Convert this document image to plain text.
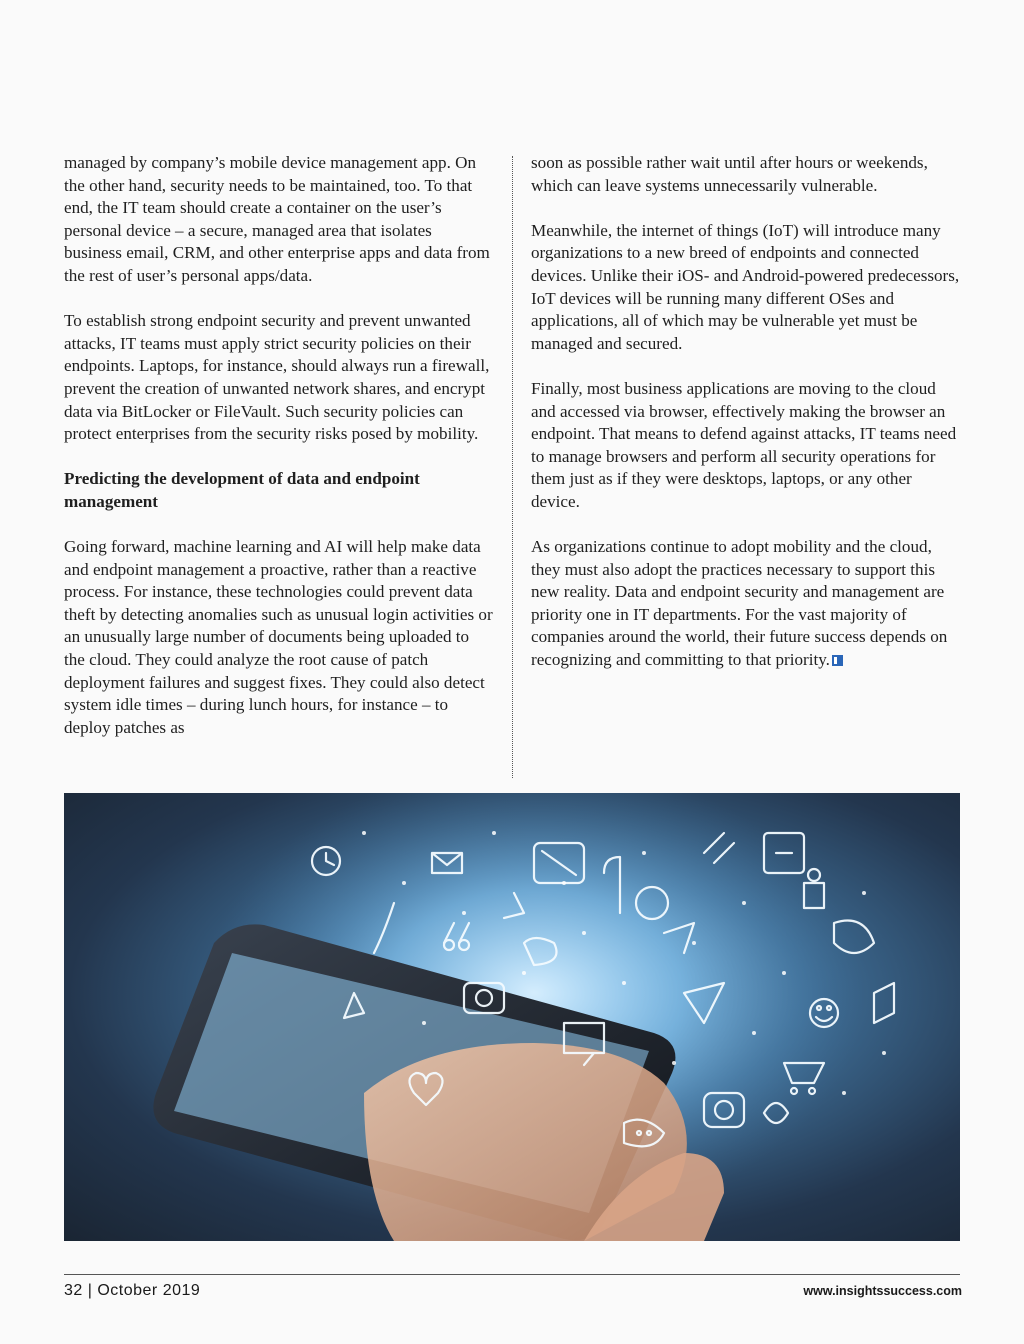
managed by company’s mobile device management app. On the other hand, security needs to be maintained, too. To that end, the IT team should create a container on the user’s personal device – a secure, managed area that isolates business email, CRM, and other enterprise apps and data from the rest of user’s personal apps/data.

To establish strong endpoint security and prevent unwanted attacks, IT teams must apply strict security policies on their endpoints. Laptops, for instance, should always run a firewall, prevent the creation of unwanted network shares, and encrypt data via BitLocker or FileVault. Such security policies can protect enterprises from the security risks posed by mobility.

Predicting the development of data and endpoint management

Going forward, machine learning and AI will help make data and endpoint management a proactive, rather than a reactive process. For instance, these technologies could prevent data theft by detecting anomalies such as unusual login activities or an unusually large number of documents being uploaded to the cloud. They could analyze the root cause of patch deployment failures and suggest fixes. They could also detect system idle times – during lunch hours, for instance – to deploy patches as

soon as possible rather wait until after hours or weekends, which can leave systems unnecessarily vulnerable.

Meanwhile, the internet of things (IoT) will introduce many organizations to a new breed of endpoints and connected devices. Unlike their iOS- and Android-powered predecessors, IoT devices will be running many different OSes and applications, all of which may be vulnerable yet must be managed and secured.

Finally, most business applications are moving to the cloud and accessed via browser, effectively making the browser an endpoint. That means to defend against attacks, IT teams need to manage browsers and perform all security operations for them just as if they were desktops, laptops, or any other device.

As organizations continue to adopt mobility and the cloud, they must also adopt the practices necessary to support this new reality. Data and endpoint security and management are priority one in IT departments. For the vast majority of companies around the world, their future success depends on recognizing and committing to that priority.

32 | October 2019	www.insightssuccess.com
